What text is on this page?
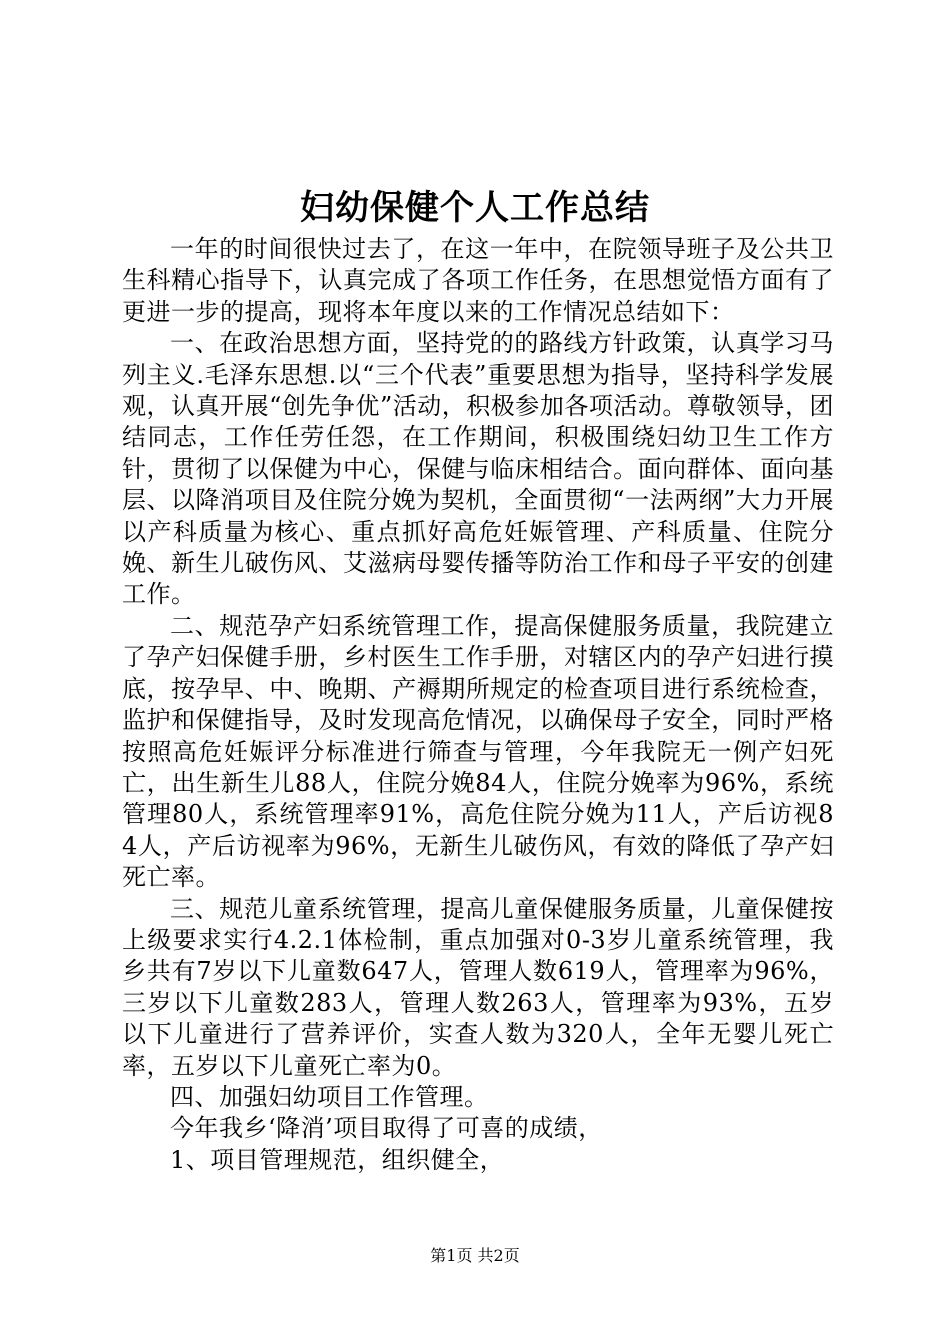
妇幼保健个人工作总结

一年的时间很快过去了，在这一年中，在院领导班子及公共卫生科精心指导下，认真完成了各项工作任务，在思想觉悟方面有了更进一步的提高，现将本年度以来的工作情况总结如下：

一、在政治思想方面，坚持党的的路线方针政策，认真学习马列主义.毛泽东思想.以“三个代表”重要思想为指导，坚持科学发展观，认真开展“创先争优”活动，积极参加各项活动。尊敬领导，团结同志，工作任劳任怨，在工作期间，积极围绕妇幼卫生工作方针，贯彻了以保健为中心，保健与临床相结合。面向群体、面向基层、以降消项目及住院分娩为契机，全面贯彻“一法两纲”大力开展以产科质量为核心、重点抓好高危妊娠管理、产科质量、住院分娩、新生儿破伤风、艾滋病母婴传播等防治工作和母子平安的创建工作。

二、规范孕产妇系统管理工作，提高保健服务质量，我院建立了孕产妇保健手册，乡村医生工作手册，对辖区内的孕产妇进行摸底，按孕早、中、晚期、产褥期所规定的检查项目进行系统检查，监护和保健指导，及时发现高危情况，以确保母子安全，同时严格按照高危妊娠评分标准进行筛查与管理，今年我院无一例产妇死亡，出生新生儿88人，住院分娩84人，住院分娩率为96%，系统管理80人，系统管理率91%，高危住院分娩为11人，产后访视84人，产后访视率为96%，无新生儿破伤风，有效的降低了孕产妇死亡率。

三、规范儿童系统管理，提高儿童保健服务质量，儿童保健按上级要求实行4.2.1体检制，重点加强对0-3岁儿童系统管理，我乡共有7岁以下儿童数647人，管理人数619人，管理率为96%，三岁以下儿童数283人，管理人数263人，管理率为93%，五岁以下儿童进行了营养评价，实查人数为320人，全年无婴儿死亡率，五岁以下儿童死亡率为0。

四、加强妇幼项目工作管理。

今年我乡‘降消’项目取得了可喜的成绩，

1、项目管理规范，组织健全，

第1页 共2页
